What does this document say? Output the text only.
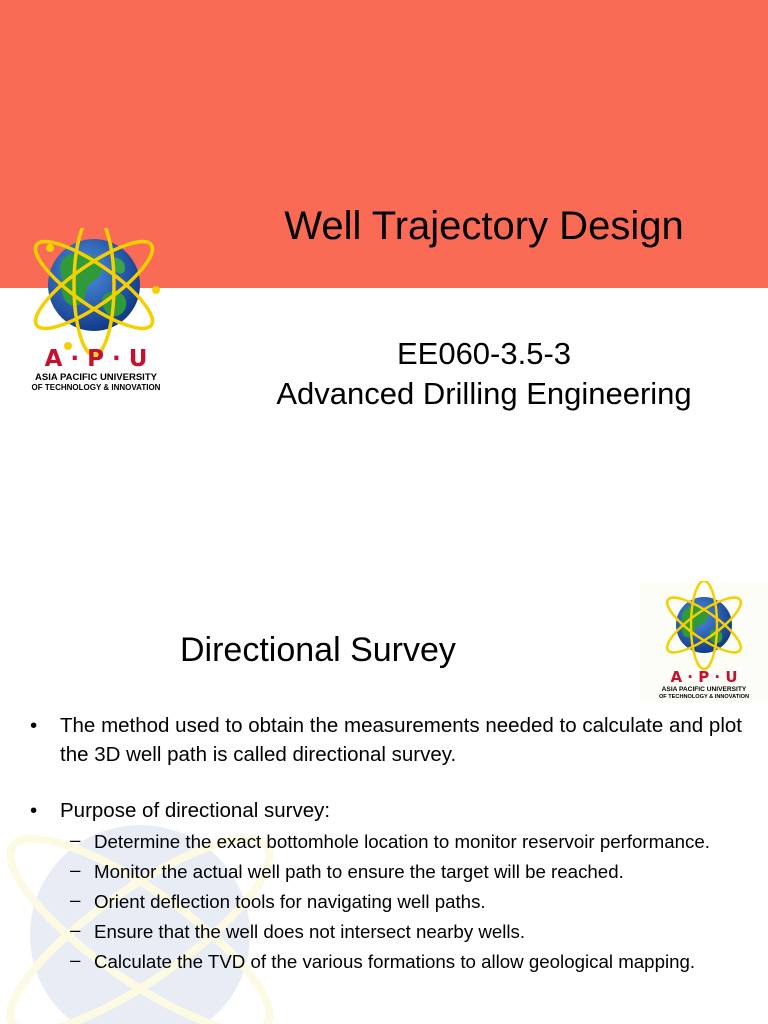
Well Trajectory Design
EE060-3.5-3
Advanced Drilling Engineering
A · P · U
ASIA PACIFIC UNIVERSITY
OF TECHNOLOGY & INNOVATION
A · P · U
ASIA PACIFIC UNIVERSITY
OF TECHNOLOGY & INNOVATION
Directional Survey
• The method used to obtain the measurements needed to calculate and plot the 3D well path is called directional survey.
• Purpose of directional survey:
– Determine the exact bottomhole location to monitor reservoir performance.
– Monitor the actual well path to ensure the target will be reached.
– Orient deflection tools for navigating well paths.
– Ensure that the well does not intersect nearby wells.
– Calculate the TVD of the various formations to allow geological mapping.
